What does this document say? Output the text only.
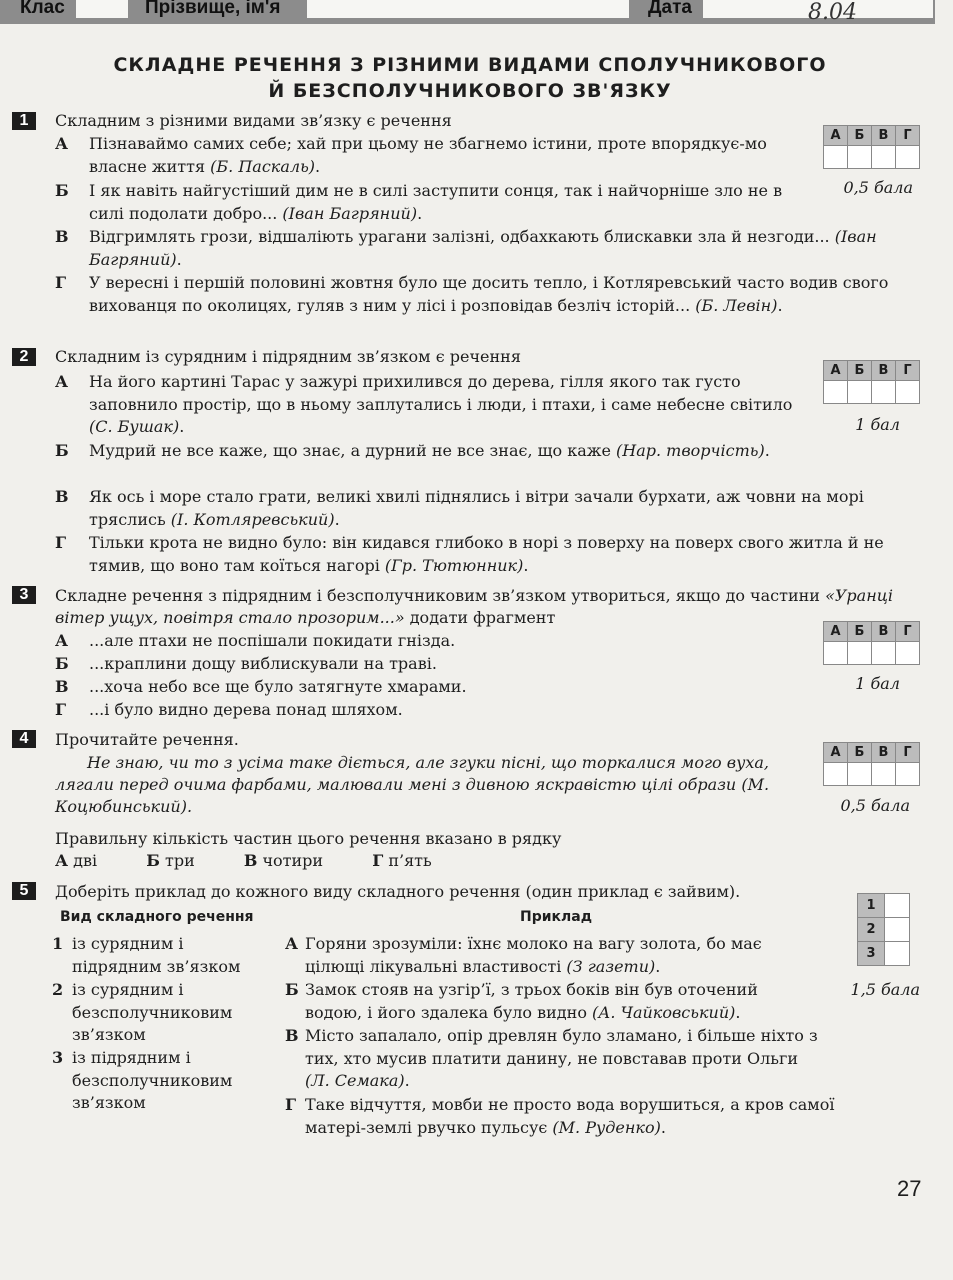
Клас	Прізвище, ім'я	Дата	8.04
СКЛАДНЕ РЕЧЕННЯ З РІЗНИМИ ВИДАМИ СПОЛУЧНИКОВОГО
Й БЕЗСПОЛУЧНИКОВОГО ЗВ'ЯЗКУ
1	Складним з різними видами зв’язку є речення
А	Б	В	Г

0,5 бала
А	Пізнаваймо самих себе; хай при цьому не збагнемо істини, проте впорядкує-мо власне життя (Б. Паскаль).
Б	І як навіть найгустіший дим не в силі заступити сонця, так і найчорніше зло не в силі подолати добро... (Іван Багряний).
В	Відгримлять грози, відшаліють урагани залізні, одбахкають блискавки зла й незгоди... (Іван Багряний).
Г	У вересні і першій половині жовтня було ще досить тепло, і Котляревський часто водив свого вихованця по околицях, гуляв з ним у лісі і розповідав безліч історій... (Б. Левін).
2	Складним із сурядним і підрядним зв’язком є речення
А	Б	В	Г

1 бал
А	На його картині Тарас у зажурі прихилився до дерева, гілля якого так густо заповнило простір, що в ньому заплутались і люди, і птахи, і саме небесне світило (С. Бушак).
Б	Мудрий не все каже, що знає, а дурний не все знає, що каже (Нар. творчість).
В	Як ось і море стало грати, великі хвилі піднялись і вітри зачали бурхати, аж човни на морі тряслись (І. Котляревський).
Г	Тільки крота не видно було: він кидався глибоко в норі з поверху на поверх свого житла й не тямив, що воно там коїться нагорі (Гр. Тютюнник).
3	Складне речення з підрядним і безсполучниковим зв’язком утвориться, якщо до частини «Уранці вітер ущух, повітря стало прозорим...» додати фрагмент
А	Б	В	Г

1 бал
А	...але птахи не поспішали покидати гнізда.
Б	...краплини дощу виблискували на траві.
В	...хоча небо все ще було затягнуте хмарами.
Г	...і було видно дерева понад шляхом.
4	Прочитайте речення.
Не знаю, чи то з усіма таке діється, але згуки пісні, що торкалися мого вуха, лягали перед очима фарбами, малювали мені з дивною яскравістю цілі образи (М. Коцюбинський).
А	Б	В	Г

0,5 бала
Правильну кількість частин цього речення вказано в рядку
А дві	Б три	В чотири	Г п’ять
5	Доберіть приклад до кожного виду складного речення (один приклад є зайвим).
Вид складного речення	Приклад
1	
2	
3	
1,5 бала
1 із сурядним і підрядним зв’язком
2 із сурядним і безсполучниковим зв’язком
3 із підрядним і безсполучниковим зв’язком
А Горяни зрозуміли: їхнє молоко на вагу золота, бо має цілющі лікувальні властивості (З газети).
Б Замок стояв на узгір’ї, з трьох боків він був оточений водою, і його здалека було видно (А. Чайковський).
В Місто запалало, опір древлян було зламано, і більше ніхто з тих, хто мусив платити данину, не повставав проти Ольги (Л. Семака).
Г Таке відчуття, мовби не просто вода ворушиться, а кров самої матері-землі рвучко пульсує (М. Руденко).
27
